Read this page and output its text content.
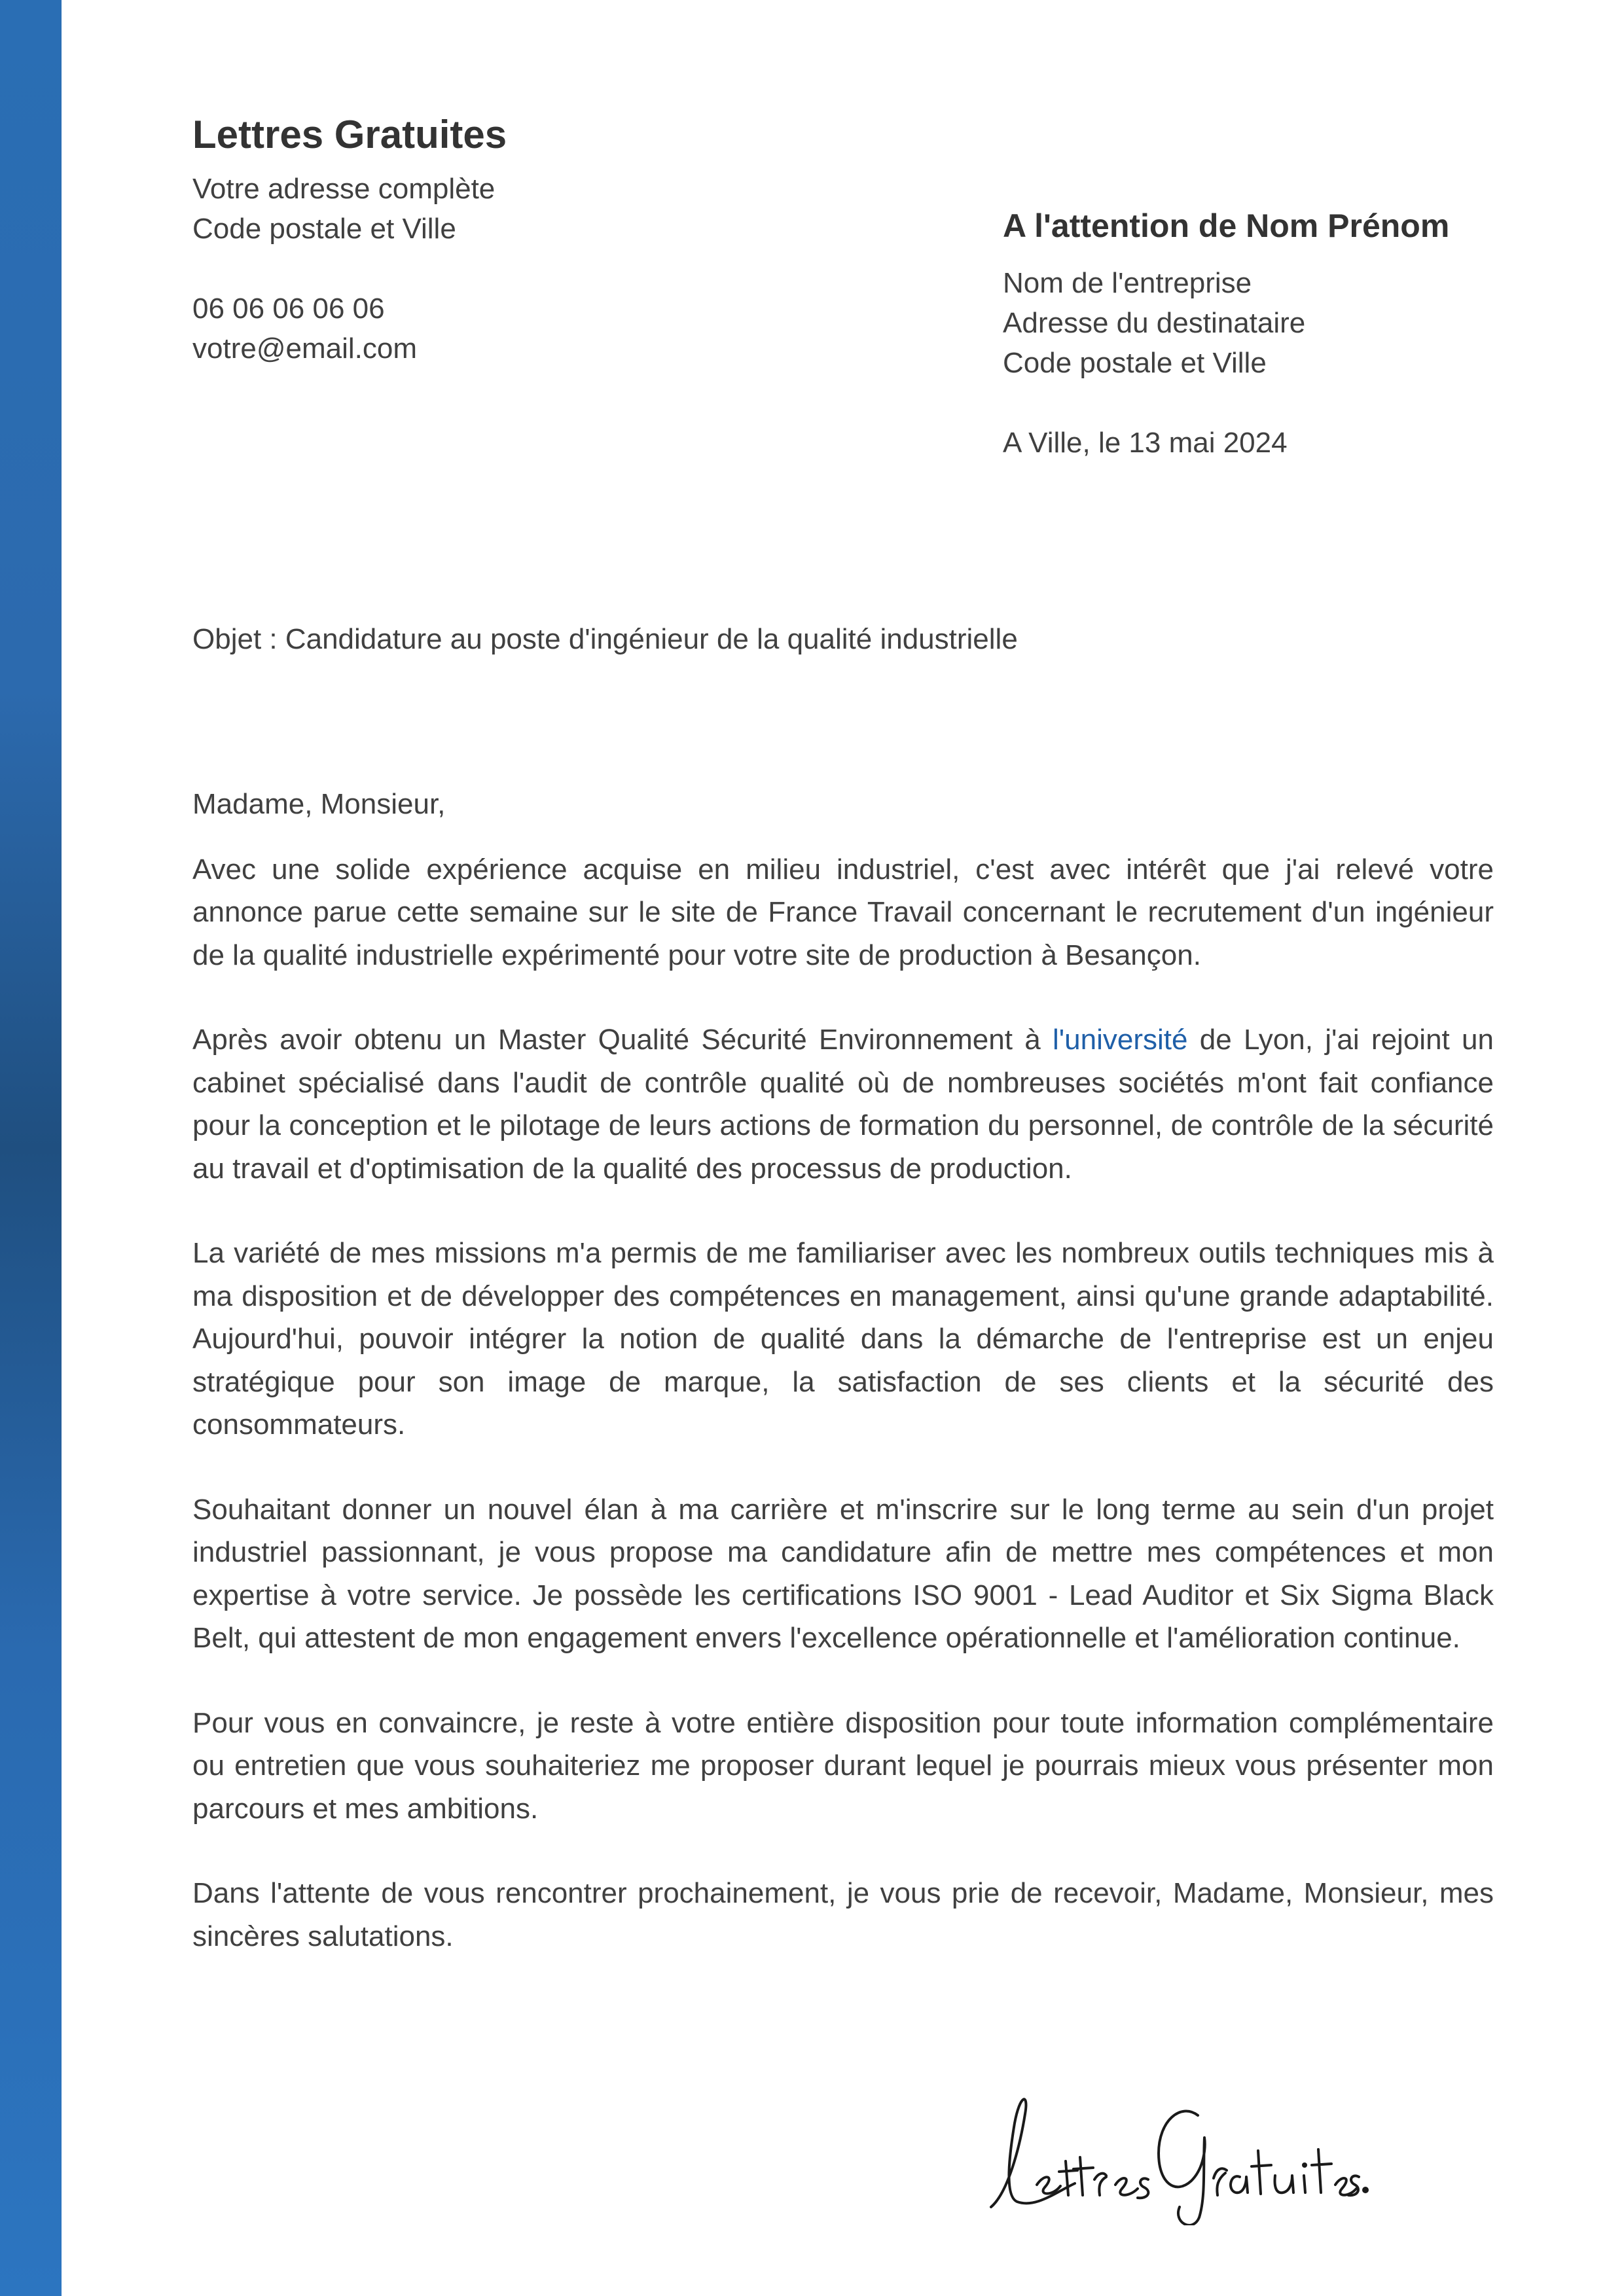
Lettres Gratuites
Votre adresse complète
Code postale et Ville
06 06 06 06 06
votre@email.com
A l'attention de Nom Prénom
Nom de l'entreprise
Adresse du destinataire
Code postale et Ville
A Ville, le 13 mai 2024
Objet : Candidature au poste d'ingénieur de la qualité industrielle

Madame, Monsieur,

Avec une solide expérience acquise en milieu industriel, c'est avec intérêt que j'ai relevé votre annonce parue cette semaine sur le site de France Travail concernant le recrutement d'un ingénieur de la qualité industrielle expérimenté pour votre site de production à Besançon.

Après avoir obtenu un Master Qualité Sécurité Environnement à l'université de Lyon, j'ai rejoint un cabinet spécialisé dans l'audit de contrôle qualité où de nombreuses sociétés m'ont fait confiance pour la conception et le pilotage de leurs actions de formation du personnel, de contrôle de la sécurité au travail et d'optimisation de la qualité des processus de production.

La variété de mes missions m'a permis de me familiariser avec les nombreux outils techniques mis à ma disposition et de développer des compétences en management, ainsi qu'une grande adaptabilité. Aujourd'hui, pouvoir intégrer la notion de qualité dans la démarche de l'entreprise est un enjeu stratégique pour son image de marque, la satisfaction de ses clients et la sécurité des consommateurs.

Souhaitant donner un nouvel élan à ma carrière et m'inscrire sur le long terme au sein d'un projet industriel passionnant, je vous propose ma candidature afin de mettre mes compétences et mon expertise à votre service. Je possède les certifications ISO 9001 - Lead Auditor et Six Sigma Black Belt, qui attestent de mon engagement envers l'excellence opérationnelle et l'amélioration continue.

Pour vous en convaincre, je reste à votre entière disposition pour toute information complémentaire ou entretien que vous souhaiteriez me proposer durant lequel je pourrais mieux vous présenter mon parcours et mes ambitions.

Dans l'attente de vous rencontrer prochainement, je vous prie de recevoir, Madame, Monsieur, mes sincères salutations.
